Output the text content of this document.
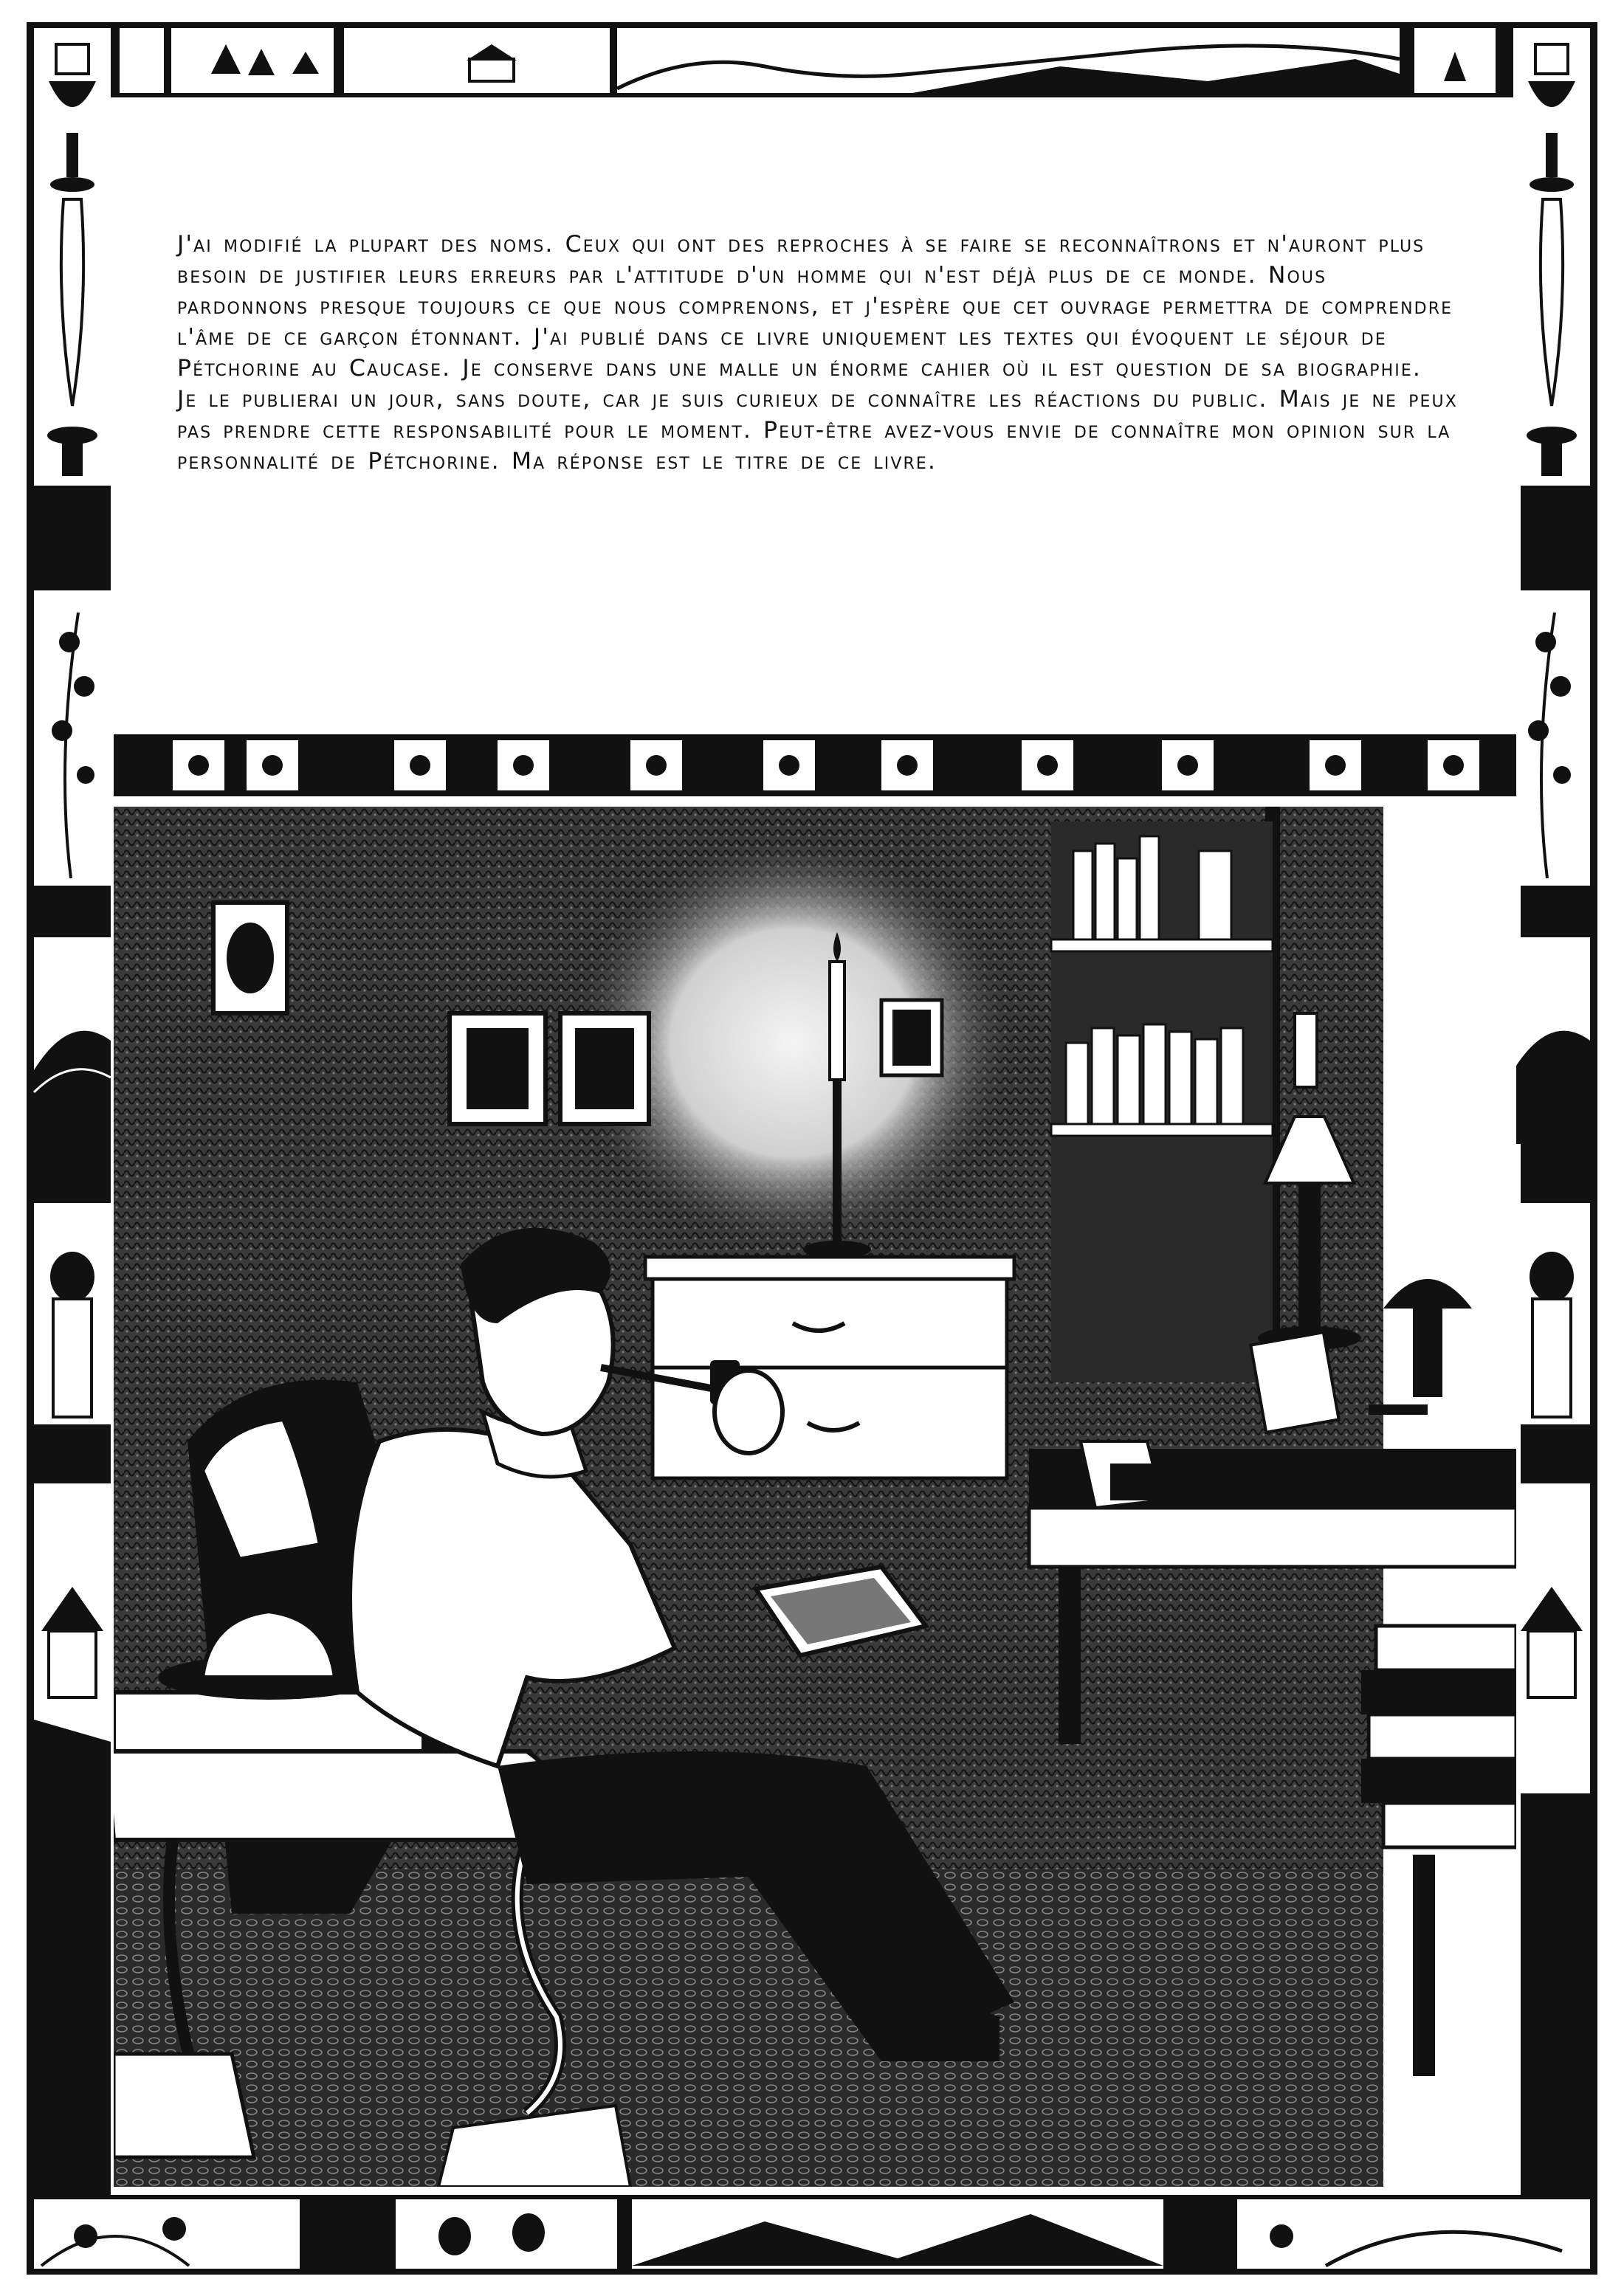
J'ai modifié la plupart des noms. Ceux qui ont des reproches à se faire se reconnaîtrons et n'auront plus besoin de justifier leurs erreurs par l'attitude d'un homme qui n'est déjà plus de ce monde. Nous pardonnons presque toujours ce que nous comprenons, et j'espère que cet ouvrage permettra de comprendre l'âme de ce garçon étonnant. J'ai publié dans ce livre uniquement les textes qui évoquent le séjour de Pétchorine au Caucase. Je conserve dans une malle un énorme cahier où il est question de sa biographie.

Je le publierai un jour, sans doute, car je suis curieux de connaître les réactions du public. Mais je ne peux pas prendre cette responsabilité pour le moment. Peut-être avez-vous envie de connaître mon opinion sur la personnalité de Pétchorine. Ma réponse est le titre de ce livre.
